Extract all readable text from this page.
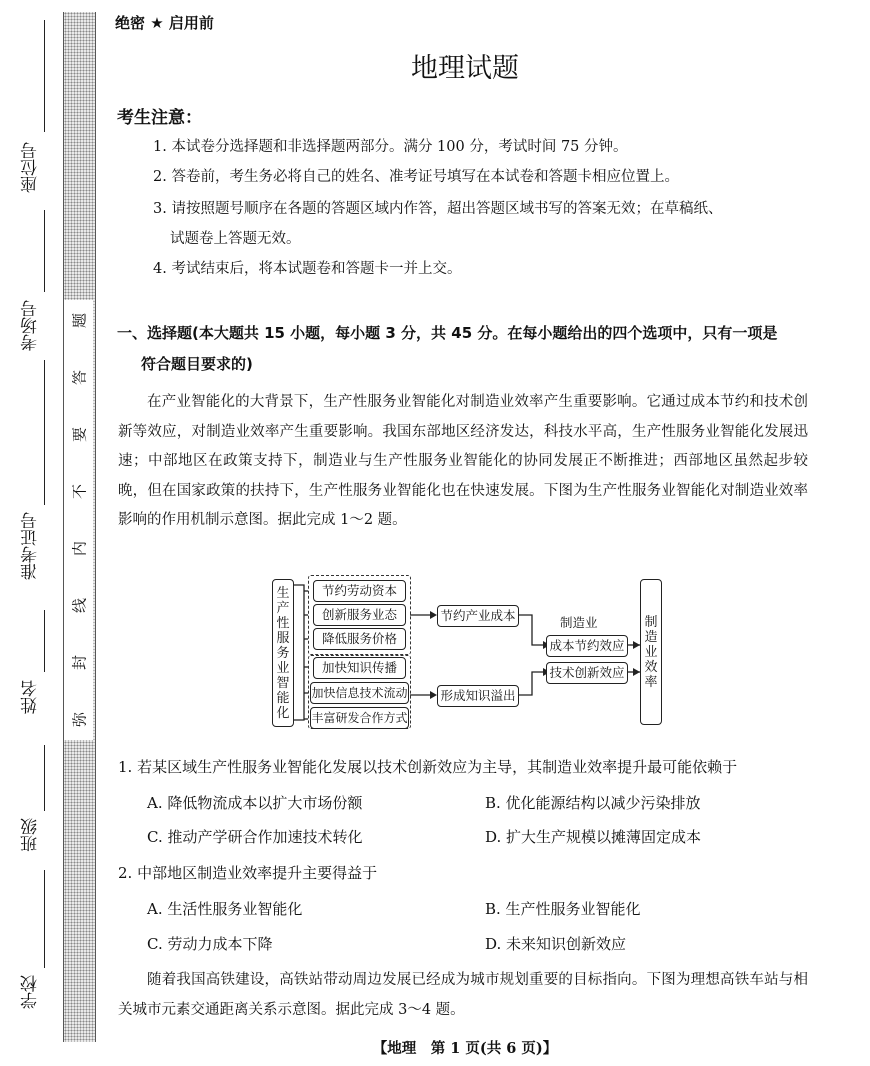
座位号
考场号
准考证号
姓名
班级
学校
题
答
要
不
内
线
封
弥
绝密 ★ 启用前
地理试题
考生注意：
1. 本试卷分选择题和非选择题两部分。满分 100 分，考试时间 75 分钟。
2. 答卷前，考生务必将自己的姓名、准考证号填写在本试卷和答题卡相应位置上。
3. 请按照题号顺序在各题的答题区域内作答，超出答题区域书写的答案无效；在草稿纸、
试题卷上答题无效。
4. 考试结束后，将本试题卷和答题卡一并上交。
一、选择题(本大题共 15 小题，每小题 3 分，共 45 分。在每小题给出的四个选项中，只有一项是
符合题目要求的)
在产业智能化的大背景下，生产性服务业智能化对制造业效率产生重要影响。它通过成本节约和技术创新等效应，对制造业效率产生重要影响。我国东部地区经济发达，科技水平高，生产性服务业智能化发展迅速；中部地区在政策支持下，制造业与生产性服务业智能化的协同发展正不断推进；西部地区虽然起步较晚，但在国家政策的扶持下，生产性服务业智能化也在快速发展。下图为生产性服务业智能化对制造业效率影响的作用机制示意图。据此完成 1～2 题。
生产性服务业智能化
节约劳动资本
创新服务业态
降低服务价格
加快知识传播
加快信息技术流动
丰富研发合作方式
节约产业成本
形成知识溢出
制造业
成本节约效应
技术创新效应
制造业效率
1. 若某区域生产性服务业智能化发展以技术创新效应为主导，其制造业效率提升最可能依赖于
A. 降低物流成本以扩大市场份额	B. 优化能源结构以减少污染排放
C. 推动产学研合作加速技术转化	D. 扩大生产规模以摊薄固定成本
2. 中部地区制造业效率提升主要得益于
A. 生活性服务业智能化	B. 生产性服务业智能化
C. 劳动力成本下降	D. 未来知识创新效应
随着我国高铁建设，高铁站带动周边发展已经成为城市规划重要的目标指向。下图为理想高铁车站与相关城市元素交通距离关系示意图。据此完成 3～4 题。
【地理　第 1 页(共 6 页)】
